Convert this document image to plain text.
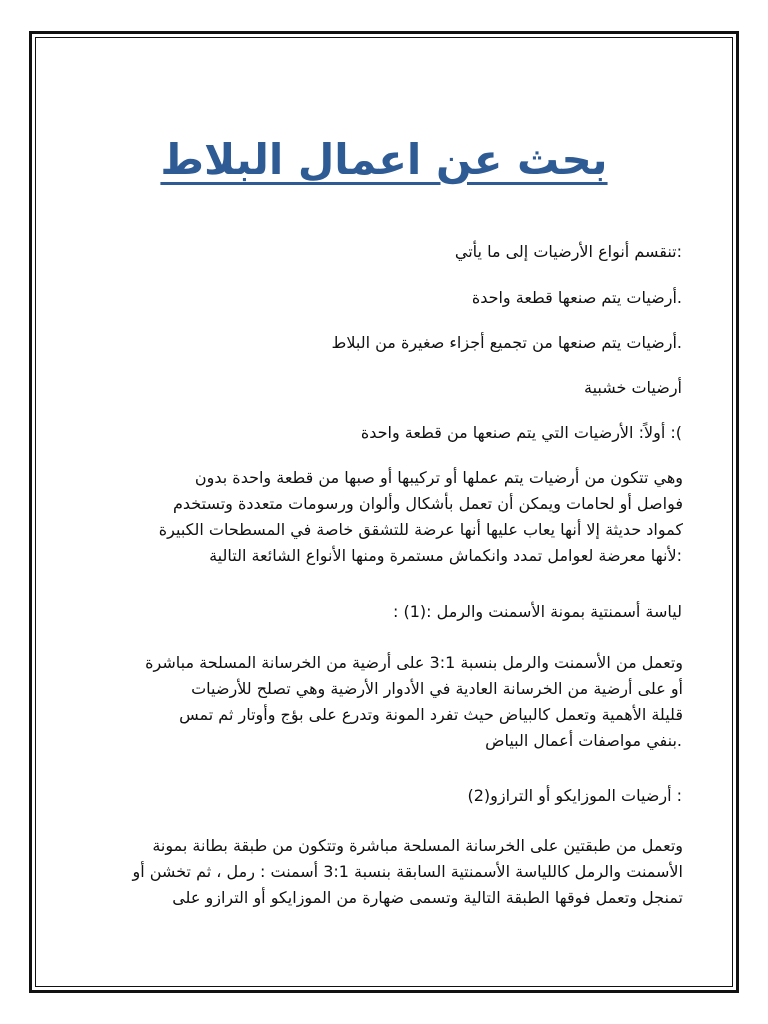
بحث عن اعمال البلاط
:تنقسم أنواع الأرضيات إلى ما يأتي
.أرضيات يتم صنعها قطعة واحدة
.أرضيات يتم صنعها من تجميع أجزاء صغيرة من البلاط
أرضيات خشبية
): أولاً: الأرضيات التي يتم صنعها من قطعة واحدة
وهي تتكون من أرضيات يتم عملها أو تركيبها أو صبها من قطعة واحدة بدون
فواصل أو لحامات ويمكن أن تعمل بأشكال وألوان ورسومات متعددة وتستخدم
كمواد حديثة إلا أنها يعاب عليها أنها عرضة للتشقق خاصة في المسطحات الكبيرة
:لأنها معرضة لعوامل تمدد وانكماش مستمرة ومنها الأنواع الشائعة التالية
لياسة أسمنتية بمونة الأسمنت والرمل :(1) :
وتعمل من الأسمنت والرمل بنسبة 3:1 على أرضية من الخرسانة المسلحة مباشرة
أو على أرضية من الخرسانة العادية في الأدوار الأرضية وهي تصلح للأرضيات
قليلة الأهمية وتعمل كالبياض حيث تفرد المونة وتدرع على بؤج وأوتار ثم تمس
.بنفي مواصفات أعمال البياض
: أرضيات الموزايكو أو الترازو(2)
وتعمل من طبقتين على الخرسانة المسلحة مباشرة وتتكون من طبقة بطانة بمونة
الأسمنت والرمل كاللياسة الأسمنتية السابقة بنسبة 3:1 أسمنت : رمل ، ثم تخشن أو
تمنجل وتعمل فوقها الطبقة التالية وتسمى ضهارة من الموزايكو أو الترازو على
